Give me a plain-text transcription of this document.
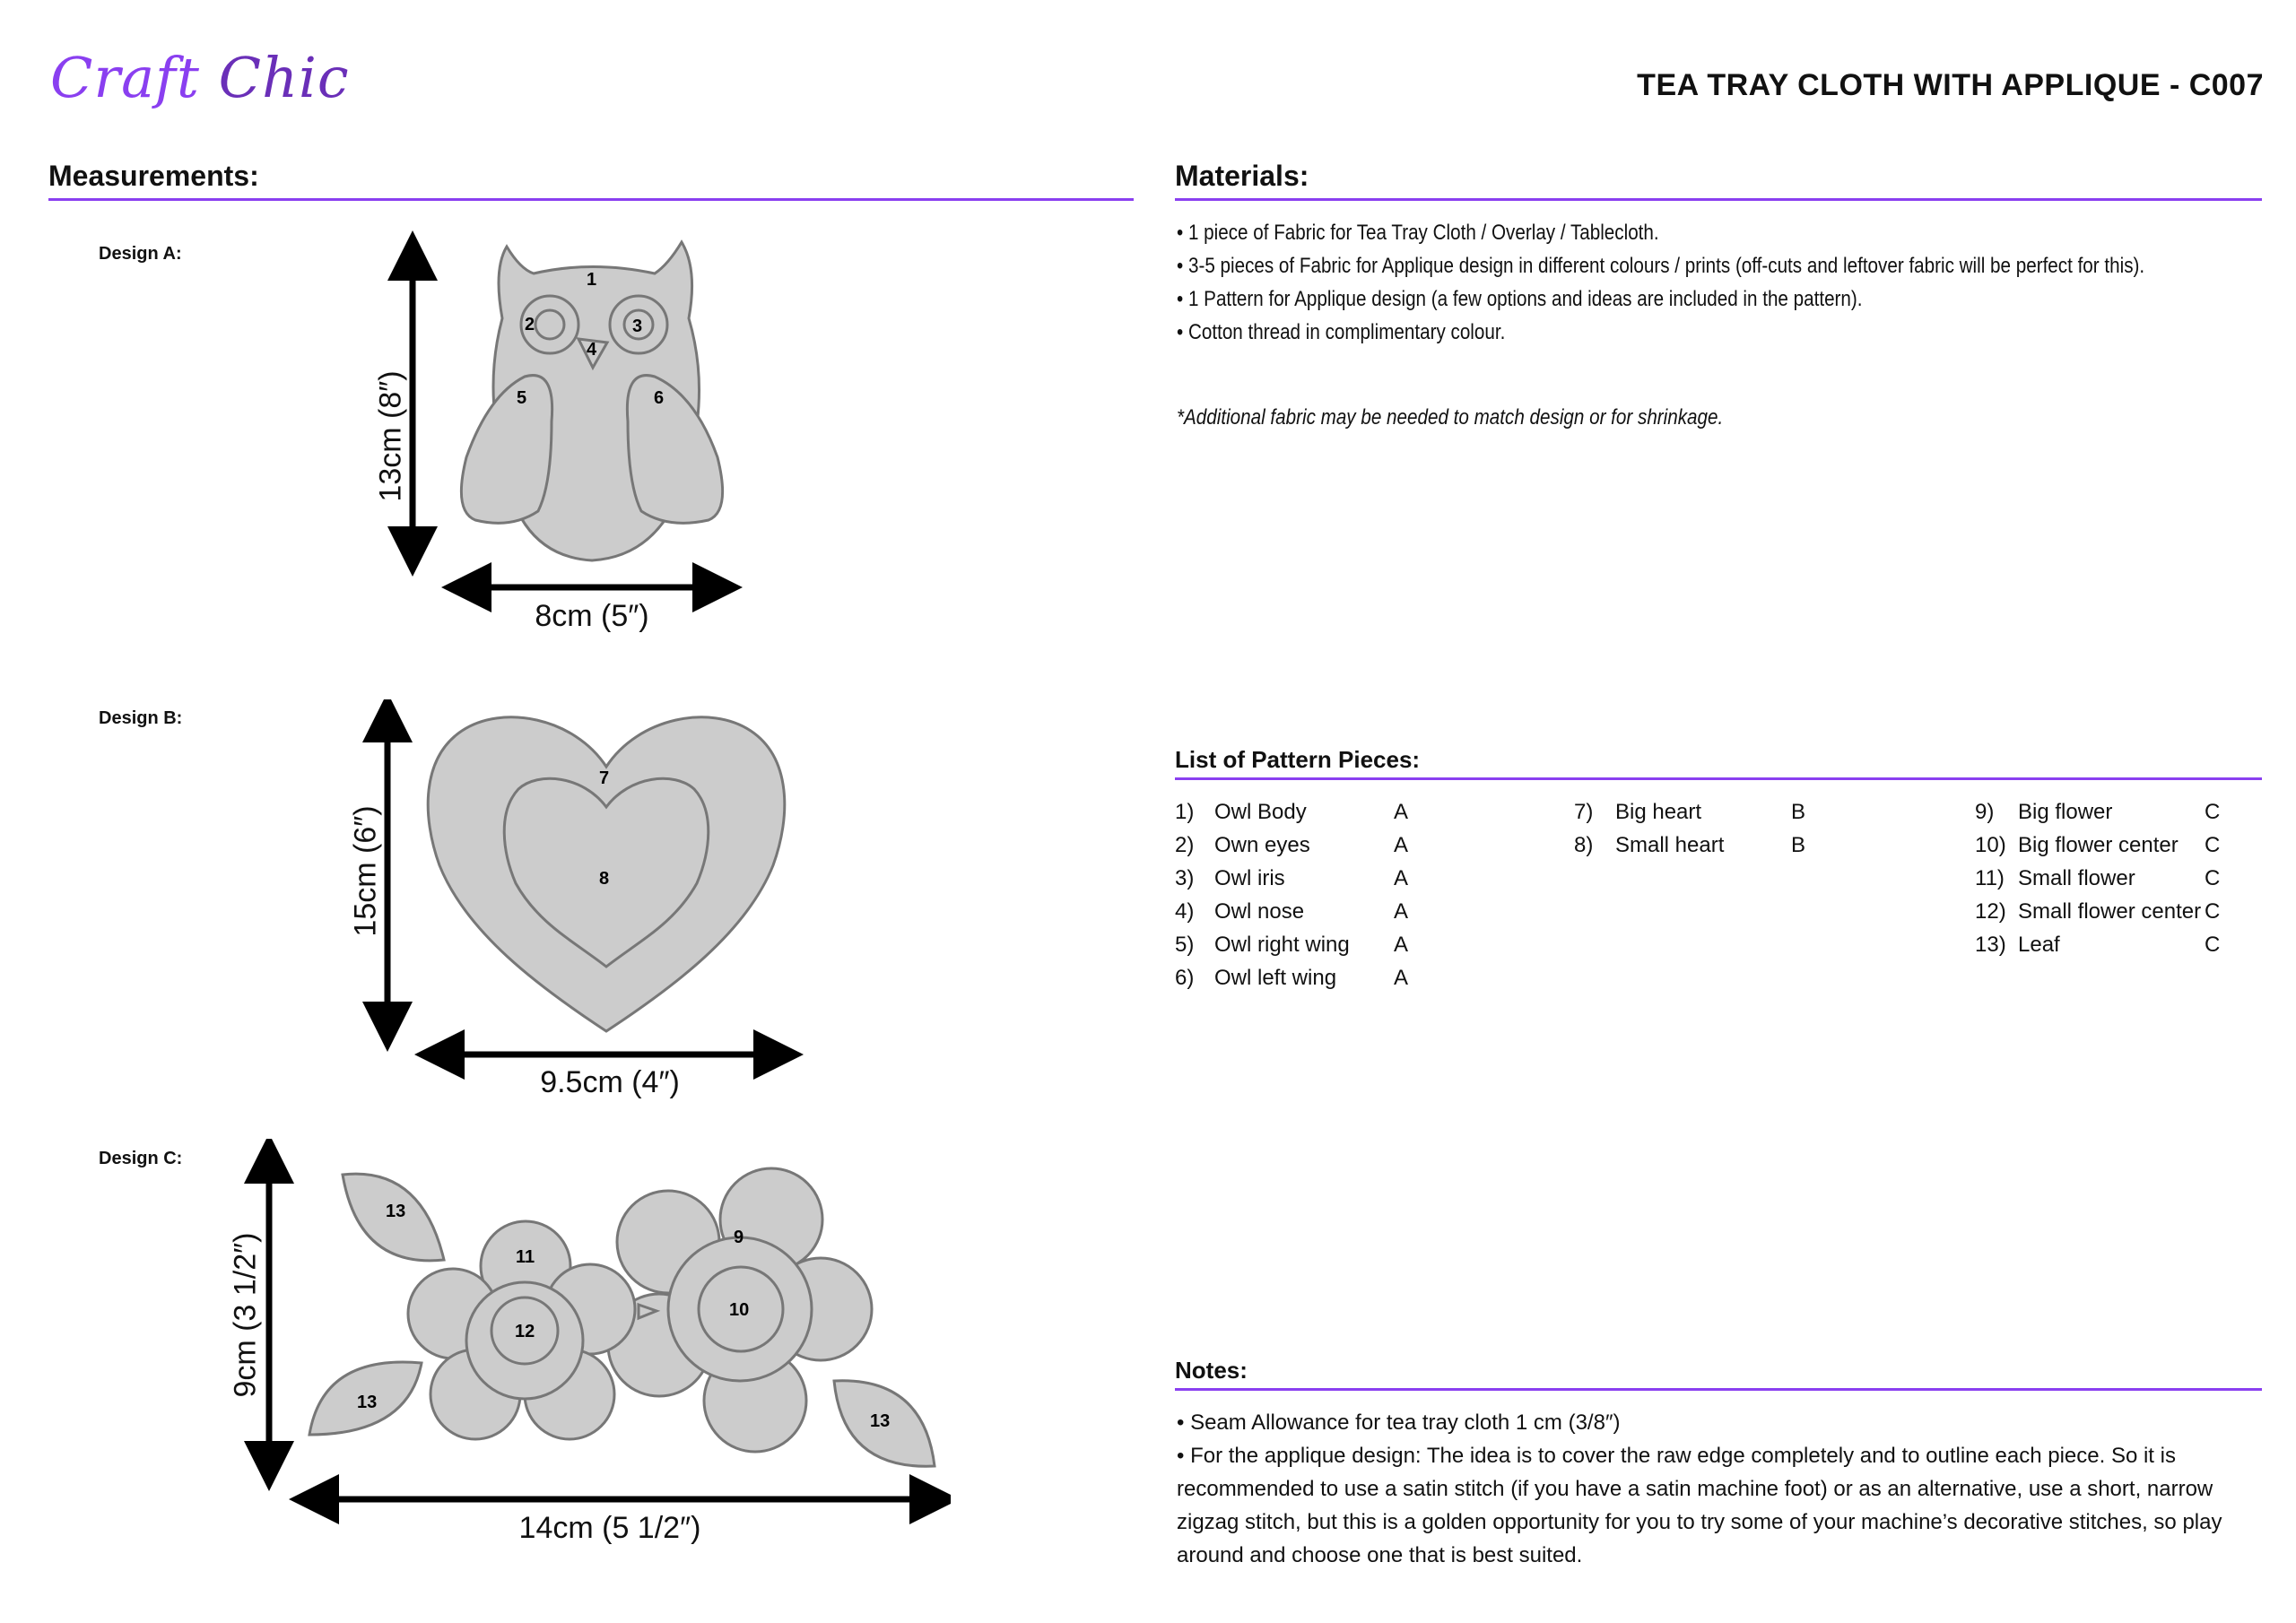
Craft Chic	TEA TRAY CLOTH WITH APPLIQUE - C007
Measurements:
Design A:
Design B:
Design C:
1
2	3
4
5	6
13cm (8″)
8cm (5″)
7
8
15cm (6″)
9.5cm (4″)
9
10
11
12
13
13
13
9cm (3 1/2″)
14cm (5 1/2″)
Materials:
• 1 piece of Fabric for Tea Tray Cloth / Overlay / Tablecloth.
• 3-5 pieces of Fabric for Applique design in different colours / prints (off-cuts and leftover fabric will be perfect for this).
• 1 Pattern for Applique design (a few options and ideas are included in the pattern).
• Cotton thread in complimentary colour.
*Additional fabric may be needed to match design or for shrinkage.
List of Pattern Pieces:
1) Owl Body	A
2) Own eyes	A
3) Owl iris	A
4) Owl nose	A
5) Owl right wing A
6) Owl left wing	A
7) Big heart	B
8) Small heart	B
9) Big flower	C
10) Big flower center C
11) Small flower	C
12) Small flower center C
13) Leaf	C
Notes:
• Seam Allowance for tea tray cloth 1 cm (3/8″)
• For the applique design: The idea is to cover the raw edge completely and to outline each piece. So it is recommended to use a satin stitch (if you have a satin machine foot) or as an alternative, use a short, narrow zigzag stitch, but this is a golden opportunity for you to try some of your machine’s decorative stitches, so play around and choose one that is best suited.
